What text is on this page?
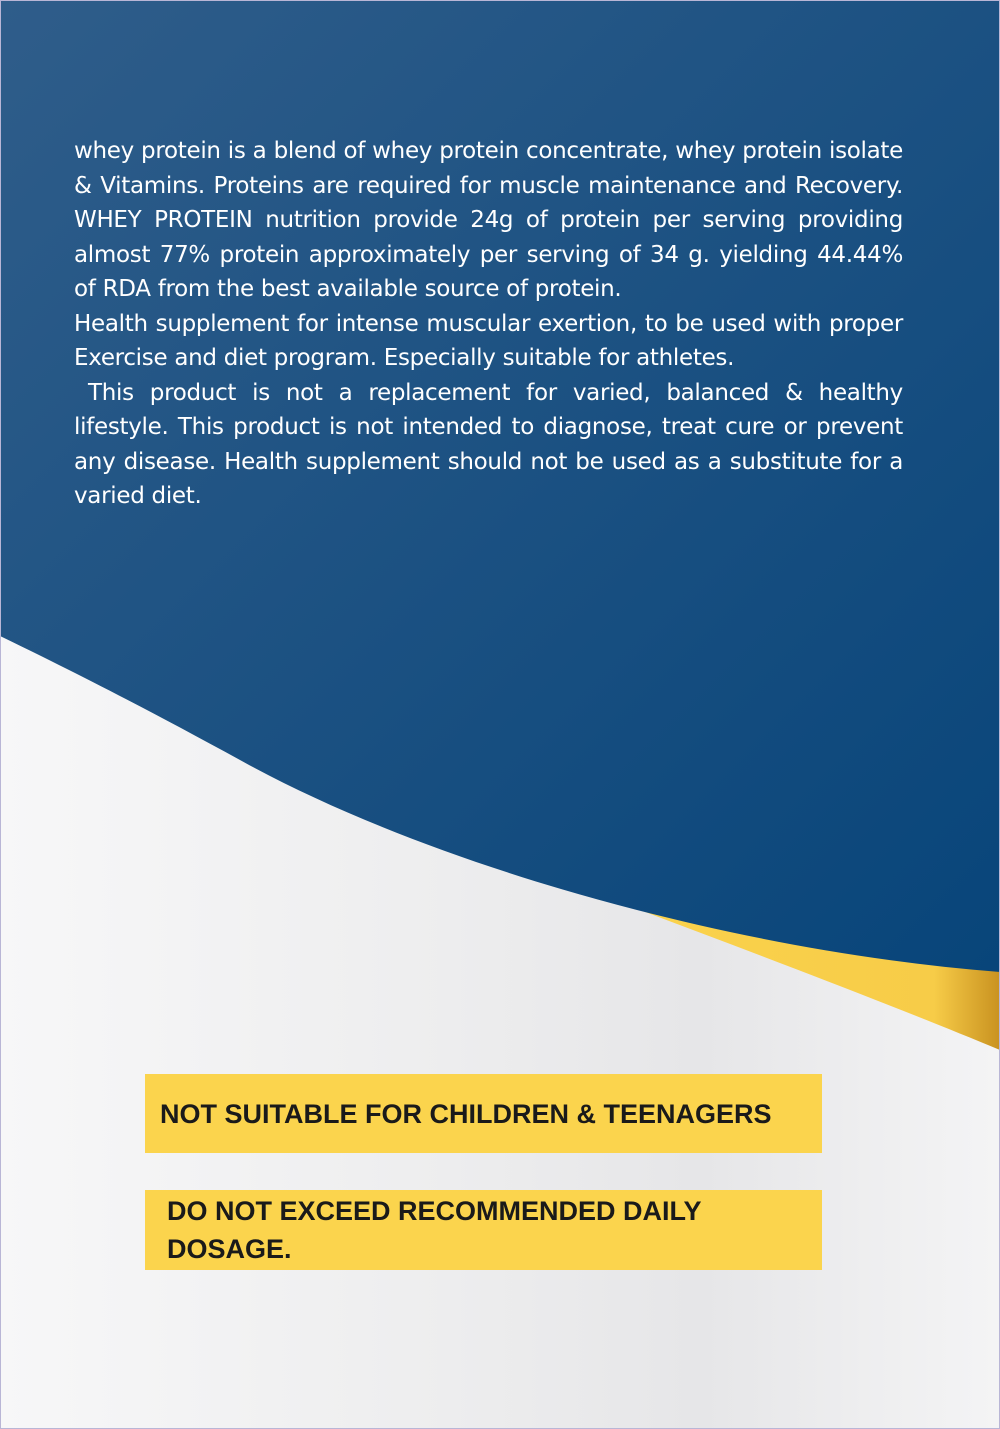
whey protein is a blend of whey protein concentrate, whey protein isolate & Vitamins. Proteins are required for muscle maintenance and Recovery. WHEY PROTEIN nutrition provide 24g of protein per serving providing almost 77% protein approximately per serving of 34 g. yielding 44.44% of RDA from the best available source of protein.

Health supplement for intense muscular exertion, to be used with proper Exercise and diet program. Especially suitable for athletes.

This product is not a replacement for varied, balanced & healthy lifestyle. This product is not intended to diagnose, treat cure or prevent any disease. Health supplement should not be used as a substitute for a varied diet.

NOT SUITABLE FOR CHILDREN & TEENAGERS
DO NOT EXCEED RECOMMENDED DAILY DOSAGE.
